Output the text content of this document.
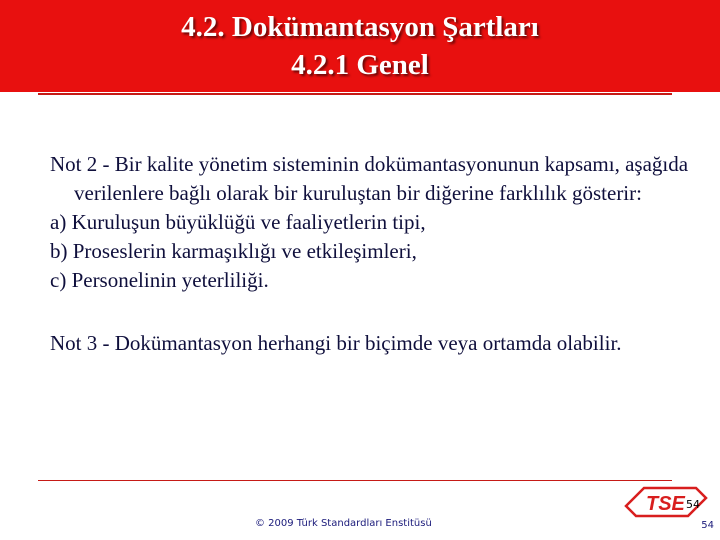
4.2. Dokümantasyon Şartları
4.2.1 Genel

Not 2 - Bir kalite yönetim sisteminin dokümantasyonunun kapsamı, aşağıda verilenlere bağlı olarak bir kuruluştan bir diğerine farklılık gösterir:

a) Kuruluşun büyüklüğü ve faaliyetlerin tipi,

b) Proseslerin karmaşıklığı ve etkileşimleri,

c) Personelinin yeterliliği.

Not 3 - Dokümantasyon herhangi bir biçimde veya ortamda olabilir.

TSE 54
© 2009 Türk Standardları Enstitüsü	54
